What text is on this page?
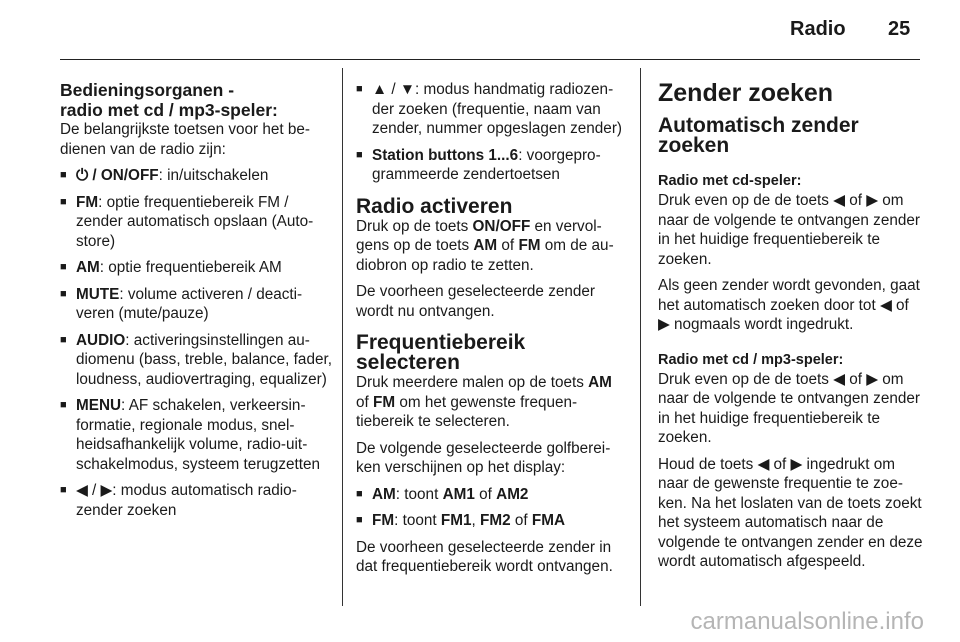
Radio 25
Bedieningsorganen -
radio met cd / mp3-speler:

De belangrijkste toetsen voor het bedienen van de radio zijn:

■ ⏻ / ON/OFF: in/uitschakelen
■ FM: optie frequentiebereik FM / zender automatisch opslaan (Auto-store)
■ AM: optie frequentiebereik AM
■ MUTE: volume activeren / deactiveren (mute/pauze)
■ AUDIO: activeringsinstellingen audiomenu (bass, treble, balance, fader, loudness, audiovertraging, equalizer)
■ MENU: AF schakelen, verkeersinformatie, regionale modus, snelheidsafhankelijk volume, radio-uitschakelmodus, systeem terugzetten
■ ◀ / ▶: modus automatisch radiozender zoeken
■ ▲ / ▼: modus handmatig radiozender zoeken (frequentie, naam van zender, nummer opgeslagen zender)
■ Station buttons 1...6: voorgeprogrammeerde zendertoetsen
Radio activeren

Druk op de toets ON/OFF en vervolgens op de toets AM of FM om de audiobron op radio te zetten.

De voorheen geselecteerde zender wordt nu ontvangen.

Frequentiebereik selecteren

Druk meerdere malen op de toets AM of FM om het gewenste frequentiebereik te selecteren.

De volgende geselecteerde golfbereiken verschijnen op het display:

■ AM: toont AM1 of AM2
■ FM: toont FM1, FM2 of FMA

De voorheen geselecteerde zender in dat frequentiebereik wordt ontvangen.

Zender zoeken
Automatisch zender zoeken
Radio met cd-speler:

Druk even op de de toets ◀ of ▶ om naar de volgende te ontvangen zender in het huidige frequentiebereik te zoeken.

Als geen zender wordt gevonden, gaat het automatisch zoeken door tot ◀ of ▶ nogmaals wordt ingedrukt.

Radio met cd / mp3-speler:

Druk even op de de toets ◀ of ▶ om naar de volgende te ontvangen zender in het huidige frequentiebereik te zoeken.

Houd de toets ◀ of ▶ ingedrukt om naar de gewenste frequentie te zoeken. Na het loslaten van de toets zoekt het systeem automatisch naar de volgende te ontvangen zender en deze wordt automatisch afgespeeld.

carmanualsonline.info
